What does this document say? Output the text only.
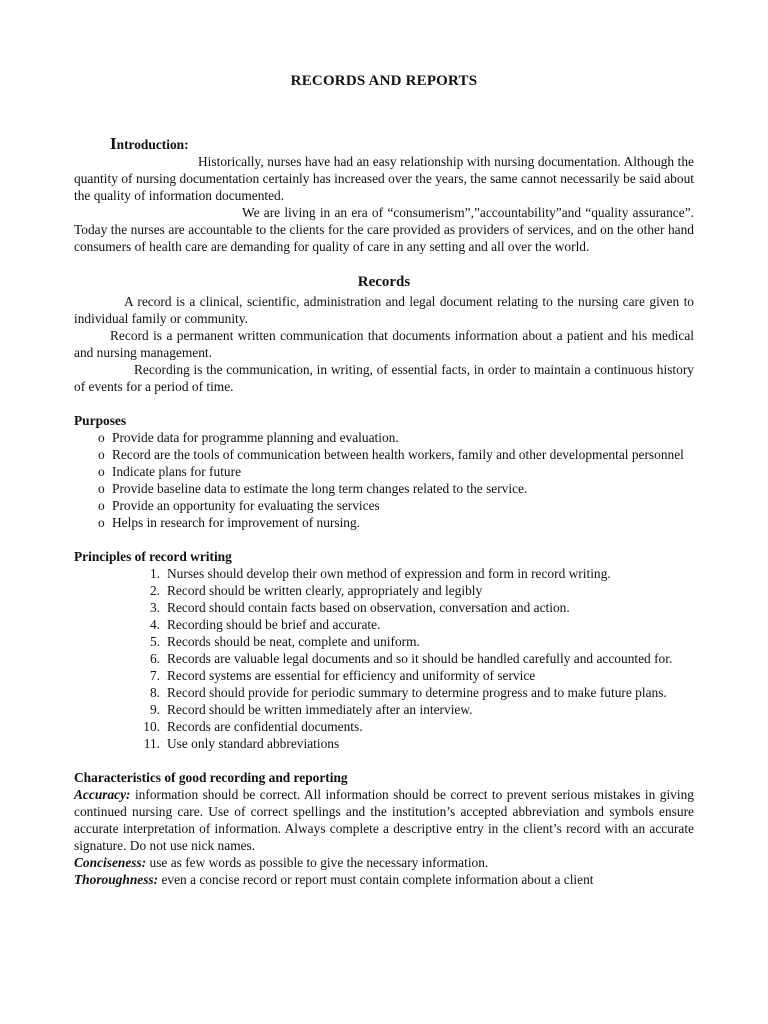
RECORDS AND REPORTS
Introduction:

Historically, nurses have had an easy relationship with nursing documentation. Although the quantity of nursing documentation certainly has increased over the years, the same cannot necessarily be said about the quality of information documented.

We are living in an era of “consumerism”,”accountability”and “quality assurance”. Today the nurses are accountable to the clients for the care provided as providers of services, and on the other hand consumers of health care are demanding for quality of care in any setting and all over the world.

Records

A record is a clinical, scientific, administration and legal document relating to the nursing care given to individual family or community.

Record is a permanent written communication that documents information about a patient and his medical and nursing management.

Recording is the communication, in writing, of essential facts, in order to maintain a continuous history of events for a period of time.

Purposes
o Provide data for programme planning and evaluation.
o Record are the tools of communication between health workers, family and other developmental personnel
o Indicate plans for future
o Provide baseline data to estimate the long term changes related to the service.
o Provide an opportunity for evaluating the services
o Helps in research for improvement of nursing.
Principles of record writing
1. Nurses should develop their own method of expression and form in record writing.
2. Record should be written clearly, appropriately and legibly
3. Record should contain facts based on observation, conversation and action.
4. Recording should be brief and accurate.
5. Records should be neat, complete and uniform.
6. Records are valuable legal documents and so it should be handled carefully and accounted for.
7. Record systems are essential for efficiency and uniformity of service
8. Record should provide for periodic summary to determine progress and to make future plans.
9. Record should be written immediately after an interview.
10. Records are confidential documents.
11. Use only standard abbreviations
Characteristics of good recording and reporting

Accuracy: information should be correct. All information should be correct to prevent serious mistakes in giving continued nursing care. Use of correct spellings and the institution’s accepted abbreviation and symbols ensure accurate interpretation of information. Always complete a descriptive entry in the client’s record with an accurate signature. Do not use nick names.

Conciseness: use as few words as possible to give the necessary information.

Thoroughness: even a concise record or report must contain complete information about a client
